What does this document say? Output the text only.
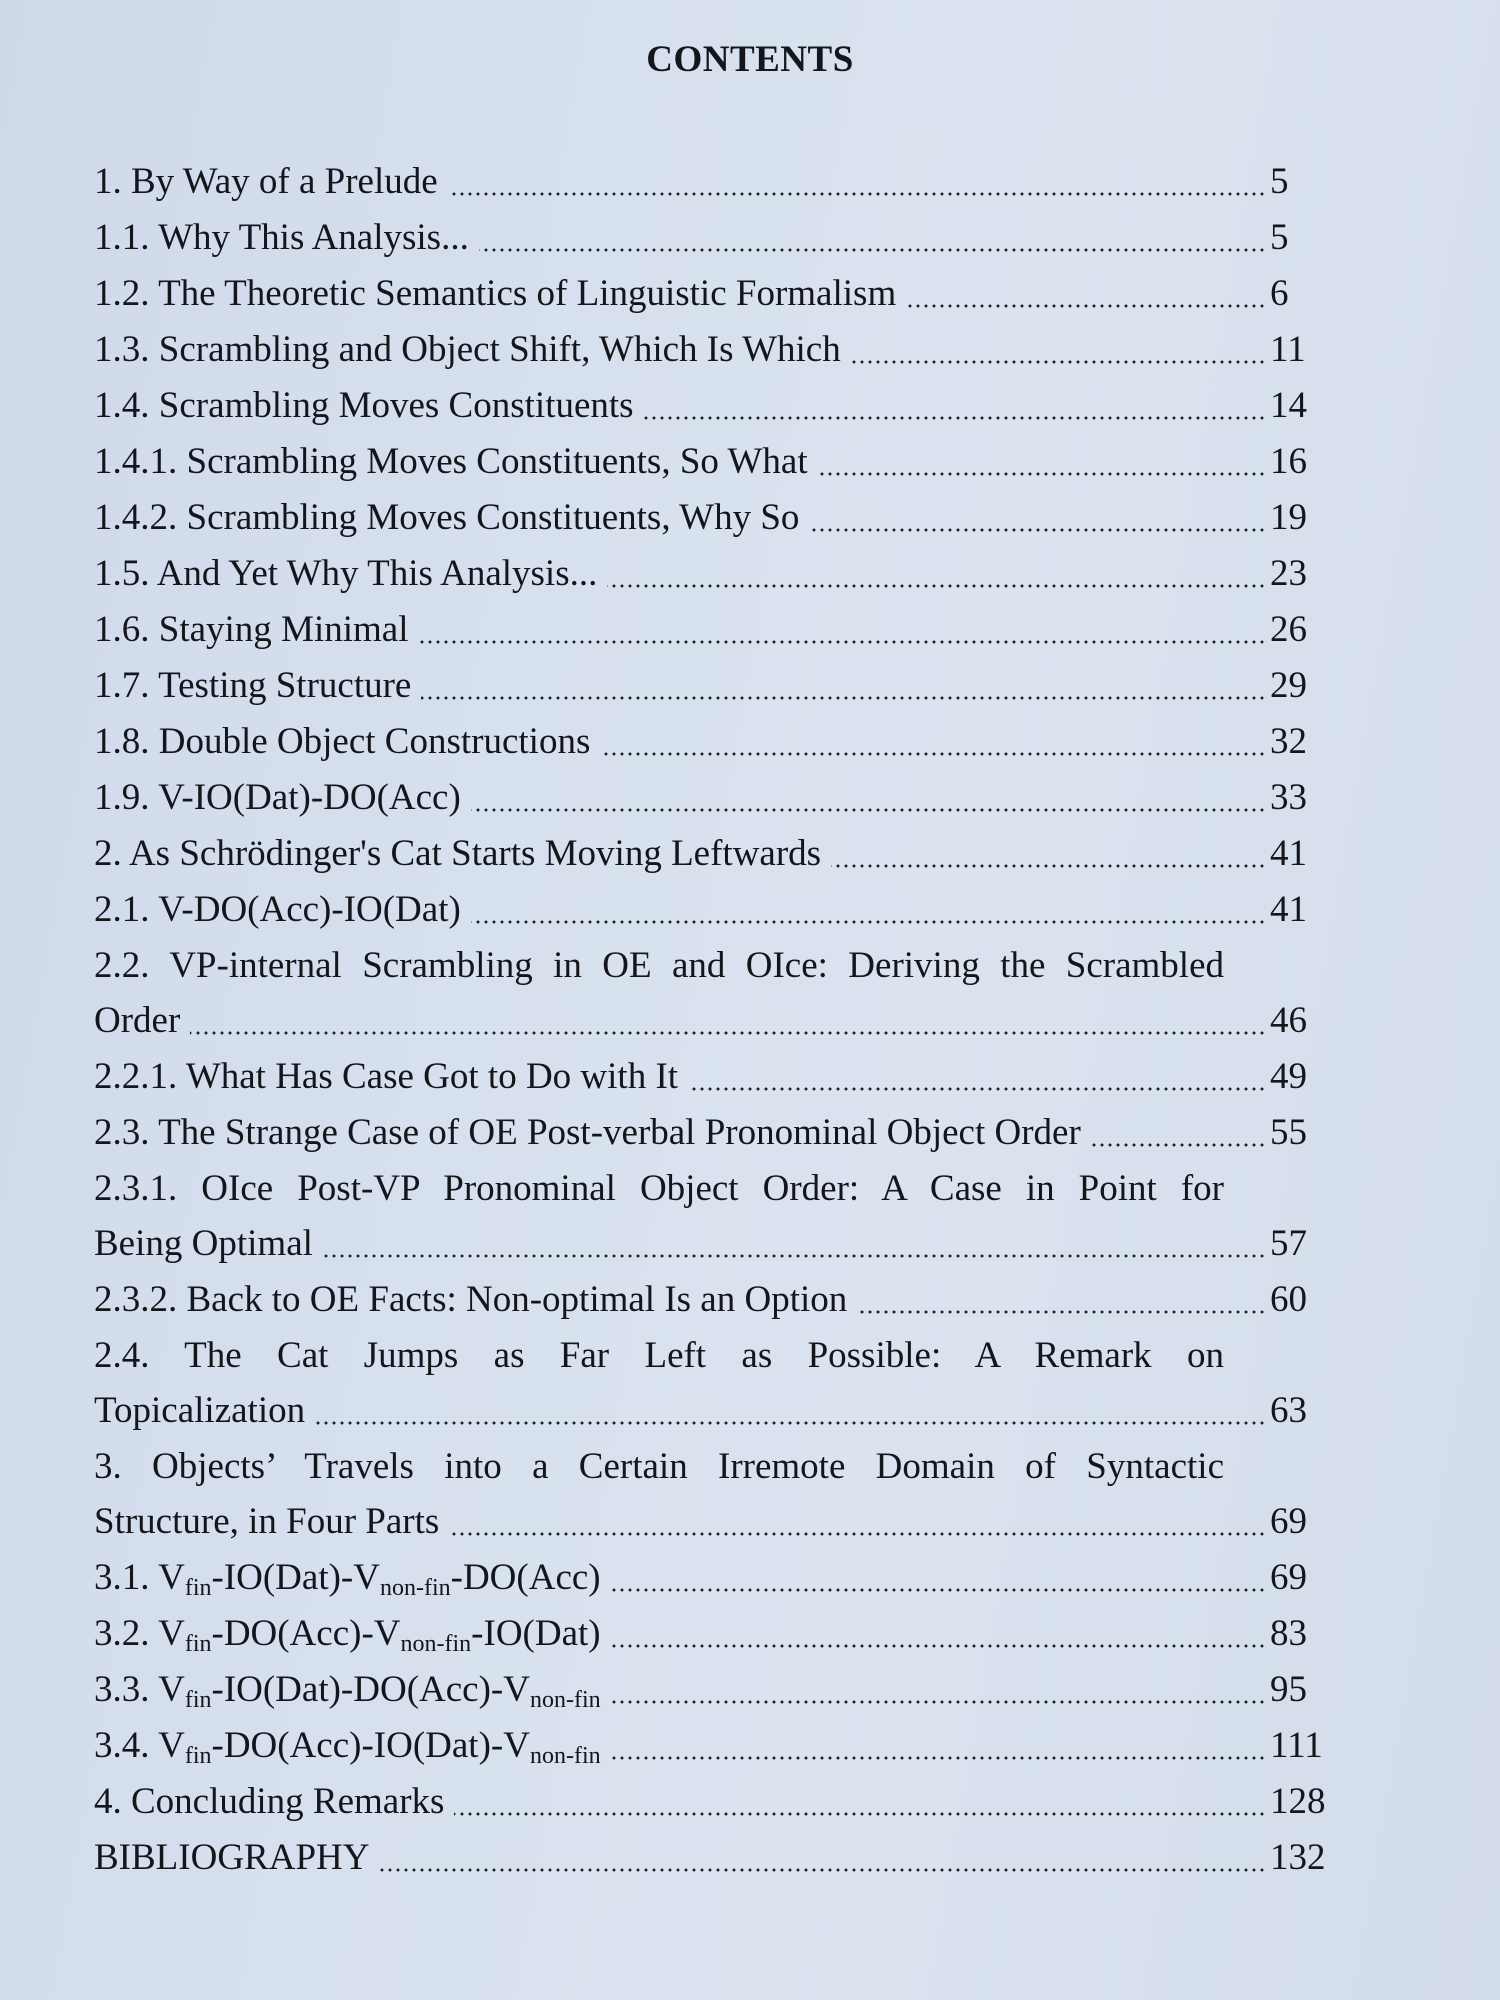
CONTENTS
1. By Way of a Prelude	5
1.1. Why This Analysis...	5
1.2. The Theoretic Semantics of Linguistic Formalism	6
1.3. Scrambling and Object Shift, Which Is Which	11
1.4. Scrambling Moves Constituents	14
1.4.1. Scrambling Moves Constituents, So What	16
1.4.2. Scrambling Moves Constituents, Why So	19
1.5. And Yet Why This Analysis...	23
1.6. Staying Minimal	26
1.7. Testing Structure	29
1.8. Double Object Constructions	32
1.9. V-IO(Dat)-DO(Acc)	33
2. As Schrödinger's Cat Starts Moving Leftwards	41
2.1. V-DO(Acc)-IO(Dat)	41
2.2. VP-internal Scrambling in OE and OIce: Deriving the Scrambled
Order	46
2.2.1. What Has Case Got to Do with It	49
2.3. The Strange Case of OE Post-verbal Pronominal Object Order	55
2.3.1. OIce Post-VP Pronominal Object Order: A Case in Point for
Being Optimal	57
2.3.2. Back to OE Facts: Non-optimal Is an Option	60
2.4. The Cat Jumps as Far Left as Possible: A Remark on
Topicalization	63
3. Objects’ Travels into a Certain Irremote Domain of Syntactic
Structure, in Four Parts	69
3.1. $V_{fin}-IO(Dat)-V_{non-fin}-DO(Acc)$	69
3.2. $V_{fin}-DO(Acc)-V_{non-fin}-IO(Dat)$	83
3.3. $V_{fin}-IO(Dat)-DO(Acc)-V_{non-fin}$	95
3.4. $V_{fin}-DO(Acc)-IO(Dat)-V_{non-fin}$	111
4. Concluding Remarks	128
BIBLIOGRAPHY	132
